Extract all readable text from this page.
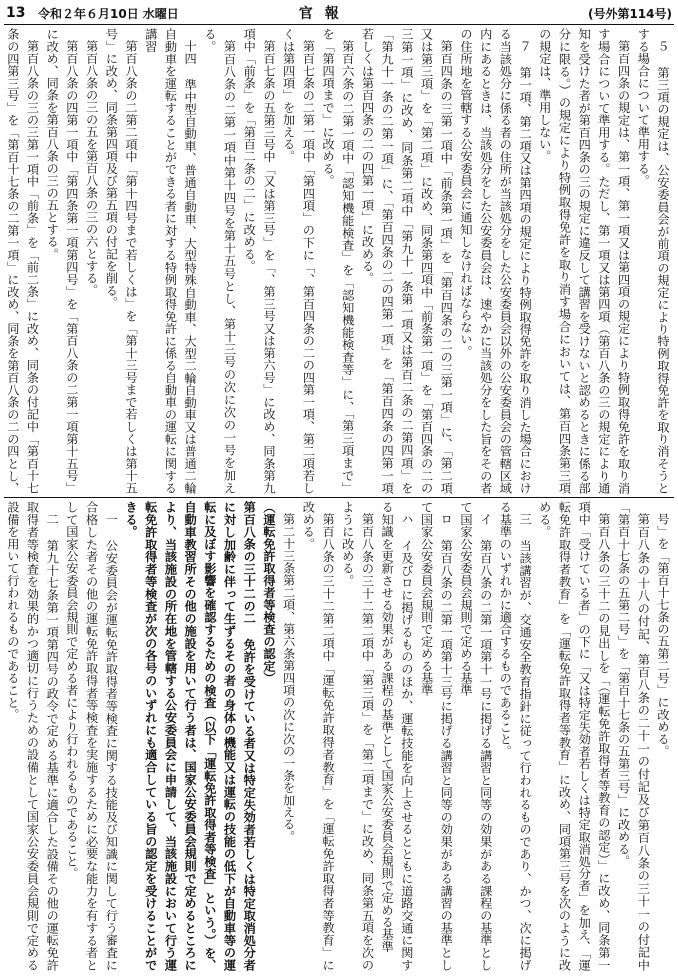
13	令和２年６月10日 水曜日	官報	(号外第114号)

５ 第三項の規定は、公安委員会が前項の規定により特例取得免許を取り消そうとする場合について準用する。

第百四条の規定は、第一項、第一項又は第四項の規定により特例取得免許を取り消す場合について準用する。ただし、第一項又は第四項（第百八条の三の規定により通知を受けた者が第百四条の三の規定に違反して講習を受けないと認めるときに係る部分に限る。）の規定により特例取得免許を取り消す場合においては、第百四条第三項の規定は、準用しない。

７ 第一項、第二項又は第四項の規定により特例取得免許を取り消した場合における当該処分に係る者の住所が当該処分をした公安委員会以外の公安委員会の管轄区域内にあるときは、当該処分をした公安委員会は、速やかに当該処分をした旨をその者の住所地を管轄する公安委員会に通知しなければならない。

第百四条の三第一項中「前条第一項」を「第百四条の二の三第一項」に、「第二項又は第三項」を「第二項」に改め、同条第四項中「前条第一項」を「第百四条の二の三第一項」に改め、同条第二項中「第九十一条第一項又は第百二条の二第四項」を「第九十一条の二第一項」に、「第百四条の二の四第一項」を「第百四条の四第一項若しくは第百四条の二の四第一項」に改める。

第百六条の二第一項中「認知機能検査」を「認知機能検査等」に、「第三項まで」を「第四項まで」に改める。

第百七条の二第一項中「第四項」の下に「、第百四条の二の四第一項、第二項若しくは第四項」を加える。

第百七条の五第三号中「又は第三号」を「、第三号又は第六号」に改め、同条第九項中「前条」を「第百二条の二」に改める。

第百八条の二第一項中第十四号を第十五号とし、第十三号の次に次の一号を加える。

十四 準中型自動車、普通自動車、大型特殊自動車、大型二輪自動車又は普通二輪自動車を運転することができる者に対する特例取得免許に係る自動車の運転に関する講習

第百八条の二第二項中「第十四号まで若しくは」を「第十三号まで若しくは第十五号」に改め、同条第四項及び第五項の付記を削る。

第百八条の三の五を第百八条の三の六とする。

第百八条の四第一項中「第四条第一項第四号」を「第百八条の二第一項第十五号」に改め、同条を第百八条の三の五とする。

第百八条の三の三第一項中「前条」を「前二条」に改め、同条の付記中「第百十七条の四第三号」を「第百十七条の二第一項」に改め、同条を第百八条の二の四とし、

号」を「第百十七条の五第二号」に改める。

第百八条の十八の付記、第百八条の二十一の付記及び第百八条の三十一の付記中「第百十七条の五第二号」を「第百十七条の五第三号」に改める。

第百八条の三十二の見出しを「（運転免許取得者等教育の認定）」に改め、同条第一項中「受けている者」の下に「又は特定失効者若しくは特定取消処分者」を加え、「運転免許取得者教育」を「運転免許取得者等教育」に改め、同項第三号を次のように改める。

三 当該講習が、交通安全教育指針に従って行われるものであり、かつ、次に掲げる基準のいずれかに適合するものであること。

イ 第百八条の二第一項第十一号に掲げる講習と同等の効果がある課程の基準として国家公安委員会規則で定める基準

ロ 第百八条の二第一項第十三号に掲げる講習と同等の効果がある講習の基準として国家公安委員会規則で定める基準

ハ イ及びロに掲げるもののほか、運転技能を向上させるとともに道路交通に関する知識を更新させる効果がある課程の基準として国家公安委員会規則で定める基準

第百八条の三十二第二項中「第三項」を「第二項まで」に改め、同条第五項を次のように改める。

第百八条の三十二第二項中「運転免許取得者教育」を「運転免許取得者等教育」に改める。

第二十三条第二項、第六条第四項の次に次の一条を加える。

（運転免許取得者等検査の認定）

第百八条の三十二の二 免許を受けている者又は特定失効者若しくは特定取消処分者に対し加齢に伴って生ずるその者の身体の機能又は運転の技能の低下が自動車等の運転に及ぼす影響を確認するための検査（以下「運転免許取得者等検査」という。）を、自動車教習所その他の施設を用いて行う者は、国家公安委員会規則で定めるところにより、当該施設の所在地を管轄する公安委員会に申請して、当該施設において行う運転免許取得者等検査が次の各号のいずれにも適合している旨の認定を受けることができる。

一 公安委員会が運転免許取得者等検査に関する技能及び知識に関して行う審査に合格した者その他の運転免許取得者等検査を実施するために必要な能力を有する者として国家公安委員会規則で定める者により行われるものであること。

二 第九十七条第一項第四号の政令で定める基準に適合した設備その他の運転免許取得者等検査を効果的かつ適切に行うための設備として国家公安委員会規則で定める設備を用いて行われるものであること。
